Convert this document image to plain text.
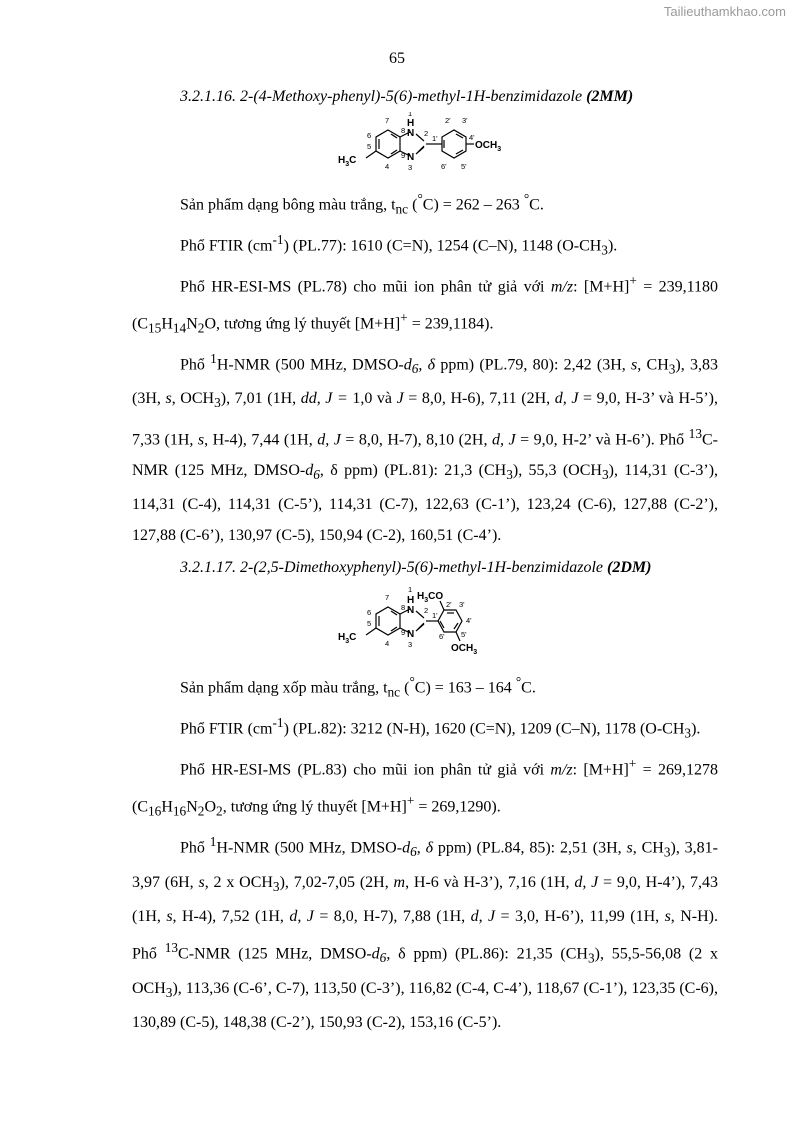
Tailieuthamkhao.com
65
3.2.1.16. 2-(4-Methoxy-phenyl)-5(6)-methyl-1H-benzimidazole (2MM)
N
H
N
$OCH_3$
$H_3C$
1
2
3
4
5
6
7
8
9
1'
2' 3'
4'
5'
6'

Sản phẩm dạng bông màu trắng, $t_{nc}$ (°C) = 262 – 263 °C.

Phổ FTIR $(cm^{-1})$ (PL.77): 1610 (C=N), 1254 (C–N), 1148 $(O-CH_3)$.

Phổ HR-ESI-MS (PL.78) cho mũi ion phân tử giả với m/z: [M+H]+ = 239,1180 ($C_{15}H_{14}N_2O$, tương ứng lý thuyết [M+H]+ = 239,1184).

Phổ $^1$H-NMR (500 MHz, DMSO-$d_6$, δ ppm) (PL.79, 80): 2,42 (3H, s, $CH_3$), 3,83 (3H, s, $OCH_3$), 7,01 (1H, dd, J = 1,0 và J = 8,0, H-6), 7,11 (2H, d, J = 9,0, H-3’ và H-5’), 7,33 (1H, s, H-4), 7,44 (1H, d, J = 8,0, H-7), 8,10 (2H, d, J = 9,0, H-2’ và H-6’). Phổ $^{13}$C-NMR (125 MHz, DMSO-$d_6$, δ ppm) (PL.81): 21,3 $(CH_3)$, 55,3 $(OCH_3)$, 114,31 (C-3’), 114,31 (C-4), 114,31 (C-5’), 114,31 (C-7), 122,63 (C-1’), 123,24 (C-6), 127,88 (C-2’), 127,88 (C-6’), 130,97 (C-5), 150,94 (C-2), 160,51 (C-4’).

3.2.1.17. 2-(2,5-Dimethoxyphenyl)-5(6)-methyl-1H-benzimidazole (2DM)
N
H
N
$H_3CO$
$OCH_3$
$H_3C$
1
2
3
4
5
6
7
8
9
1'
2' 3'
4'
5'
6'

Sản phẩm dạng xốp màu trắng, $t_{nc}$ (°C) = 163 – 164 °C.

Phổ FTIR $(cm^{-1})$ (PL.82): 3212 (N-H), 1620 (C=N), 1209 (C–N), 1178 $(O-CH_3)$.

Phổ HR-ESI-MS (PL.83) cho mũi ion phân tử giả với m/z: [M+H]+ = 269,1278 ($C_{16}H_{16}N_2O_2$, tương ứng lý thuyết [M+H]+ = 269,1290).

Phổ $^1$H-NMR (500 MHz, DMSO-$d_6$, δ ppm) (PL.84, 85): 2,51 (3H, s, $CH_3$), 3,81-3,97 (6H, s, 2 x $OCH_3$), 7,02-7,05 (2H, m, H-6 và H-3’), 7,16 (1H, d, J = 9,0, H-4’), 7,43 (1H, s, H-4), 7,52 (1H, d, J = 8,0, H-7), 7,88 (1H, d, J = 3,0, H-6’), 11,99 (1H, s, N-H). Phổ $^{13}$C-NMR (125 MHz, DMSO-$d_6$, δ ppm) (PL.86): 21,35 $(CH_3)$, 55,5-56,08 (2 x $OCH_3$), 113,36 (C-6’, C-7), 113,50 (C-3’), 116,82 (C-4, C-4’), 118,67 (C-1’), 123,35 (C-6), 130,89 (C-5), 148,38 (C-2’), 150,93 (C-2), 153,16 (C-5’).
